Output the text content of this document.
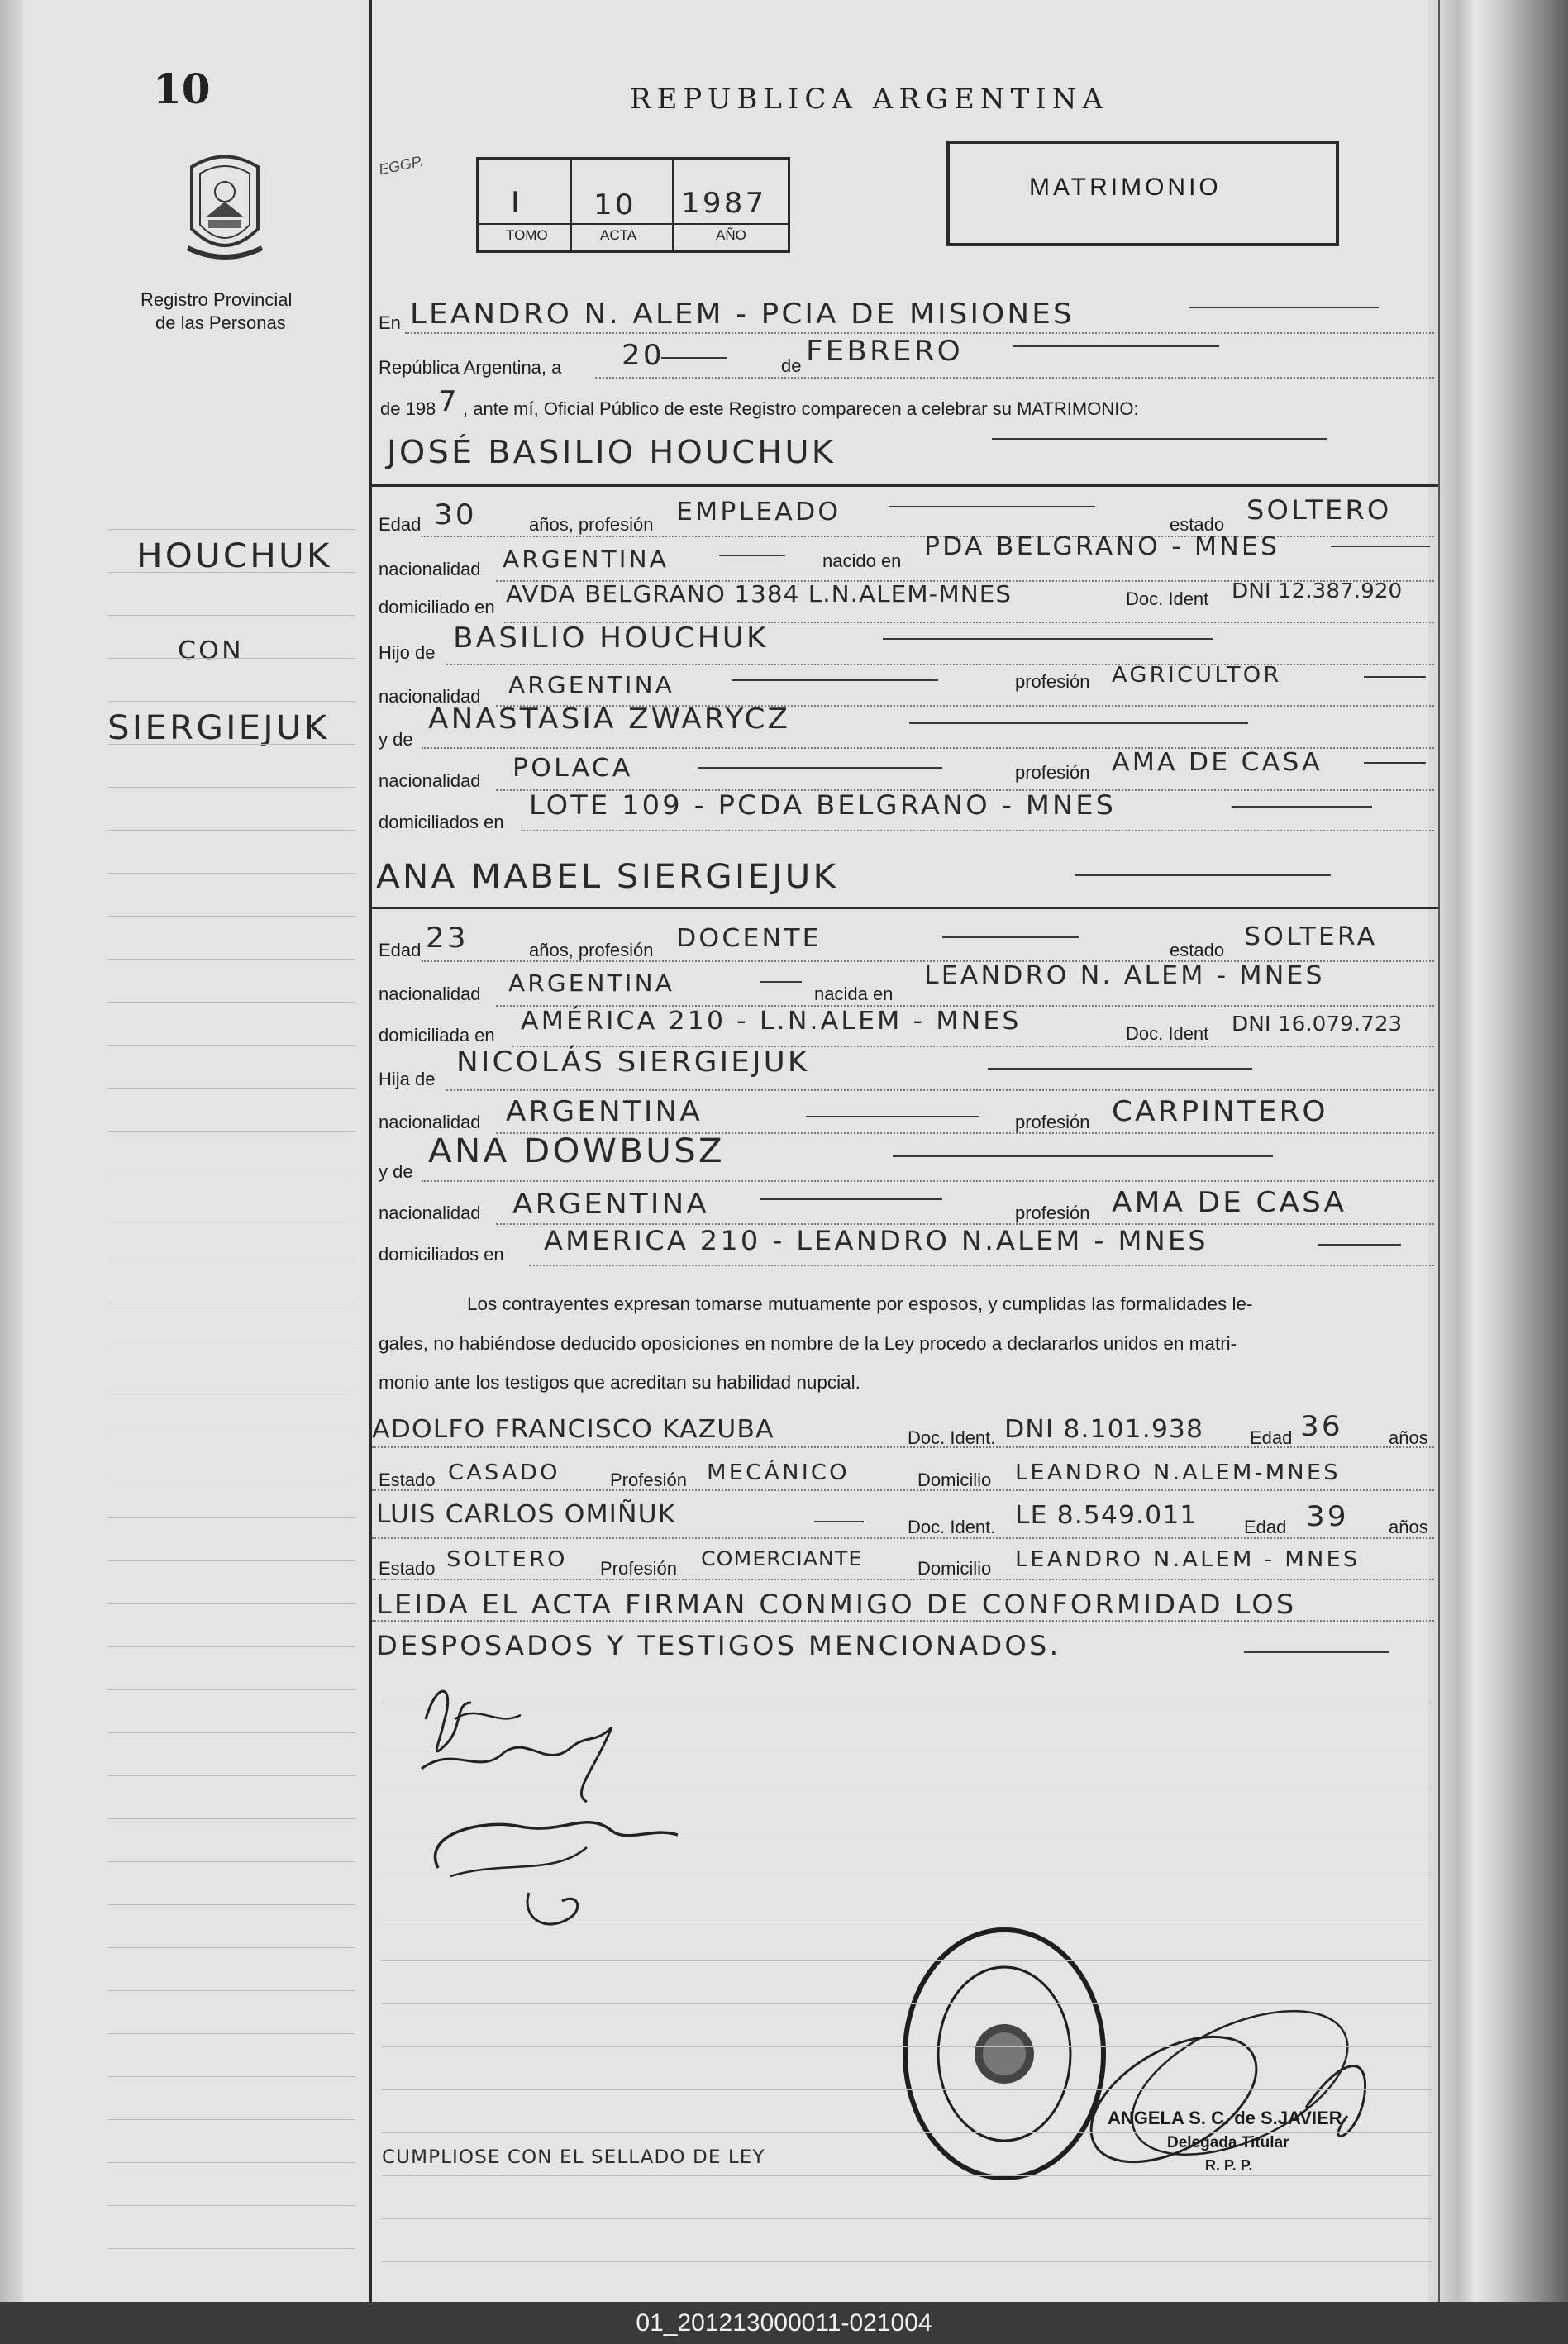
10
Registro Provincial
de las Personas
REPUBLICA ARGENTINA
EGGP.
I	10 1987
TOMO	ACTA	AÑO
MATRIMONIO
HOUCHUK
CON
SIERGIEJUK
En LEANDRO N. ALEM - PCIA DE MISIONES
República Argentina, a 20	de FEBRERO
de 198 7 , ante mí, Oficial Público de este Registro comparecen a celebrar su MATRIMONIO:
JOSÉ BASILIO HOUCHUK
Edad 30	años, profesión EMPLEADO	estado SOLTERO
nacionalidad ARGENTINA	nacido en PDA BELGRANO - MNES
domiciliado en AVDA BELGRANO 1384 L.N.ALEM-MNES	Doc. Ident DNI 12.387.920
Hijo de BASILIO HOUCHUK
nacionalidad ARGENTINA	profesión AGRICULTOR
y de
ANASTASIA ZWARYCZ
nacionalidad POLACA	profesión AMA DE CASA
domiciliados en
LOTE 109 - PCDA BELGRANO - MNES
ANA MABEL SIERGIEJUK
Edad 23	años, profesión DOCENTE	estado SOLTERA
nacionalidad ARGENTINA	nacida en
LEANDRO N. ALEM - MNES
domiciliada en AMÉRICA 210 - L.N.ALEM - MNES	Doc. Ident DNI 16.079.723
Hija de
NICOLÁS SIERGIEJUK
nacionalidad ARGENTINA	profesión CARPINTERO
y de
ANA DOWBUSZ
nacionalidad ARGENTINA	profesión AMA DE CASA
domiciliados en AMERICA 210 - LEANDRO N.ALEM - MNES
Los contrayentes expresan tomarse mutuamente por esposos, y cumplidas las formalidades le-
gales, no habiéndose deducido oposiciones en nombre de la Ley procedo a declararlos unidos en matri-
monio ante los testigos que acreditan su habilidad nupcial.
ADOLFO FRANCISCO KAZUBA	Doc. Ident. DNI 8.101.938	Edad 36	años
Estado CASADO	Profesión MECÁNICO	Domicilio LEANDRO N.ALEM-MNES
LUIS CARLOS OMIÑUK	Doc. Ident. LE 8.549.011	Edad 39 años
Estado SOLTERO Profesión COMERCIANTE	Domicilio LEANDRO N.ALEM - MNES
LEIDA EL ACTA FIRMAN CONMIGO DE CONFORMIDAD LOS
DESPOSADOS Y TESTIGOS MENCIONADOS.
ANGELA S. C. de S.JAVIER
Delegada Titular
R. P. P.
CUMPLIOSE CON EL SELLADO DE LEY
01_201213000011-021004
